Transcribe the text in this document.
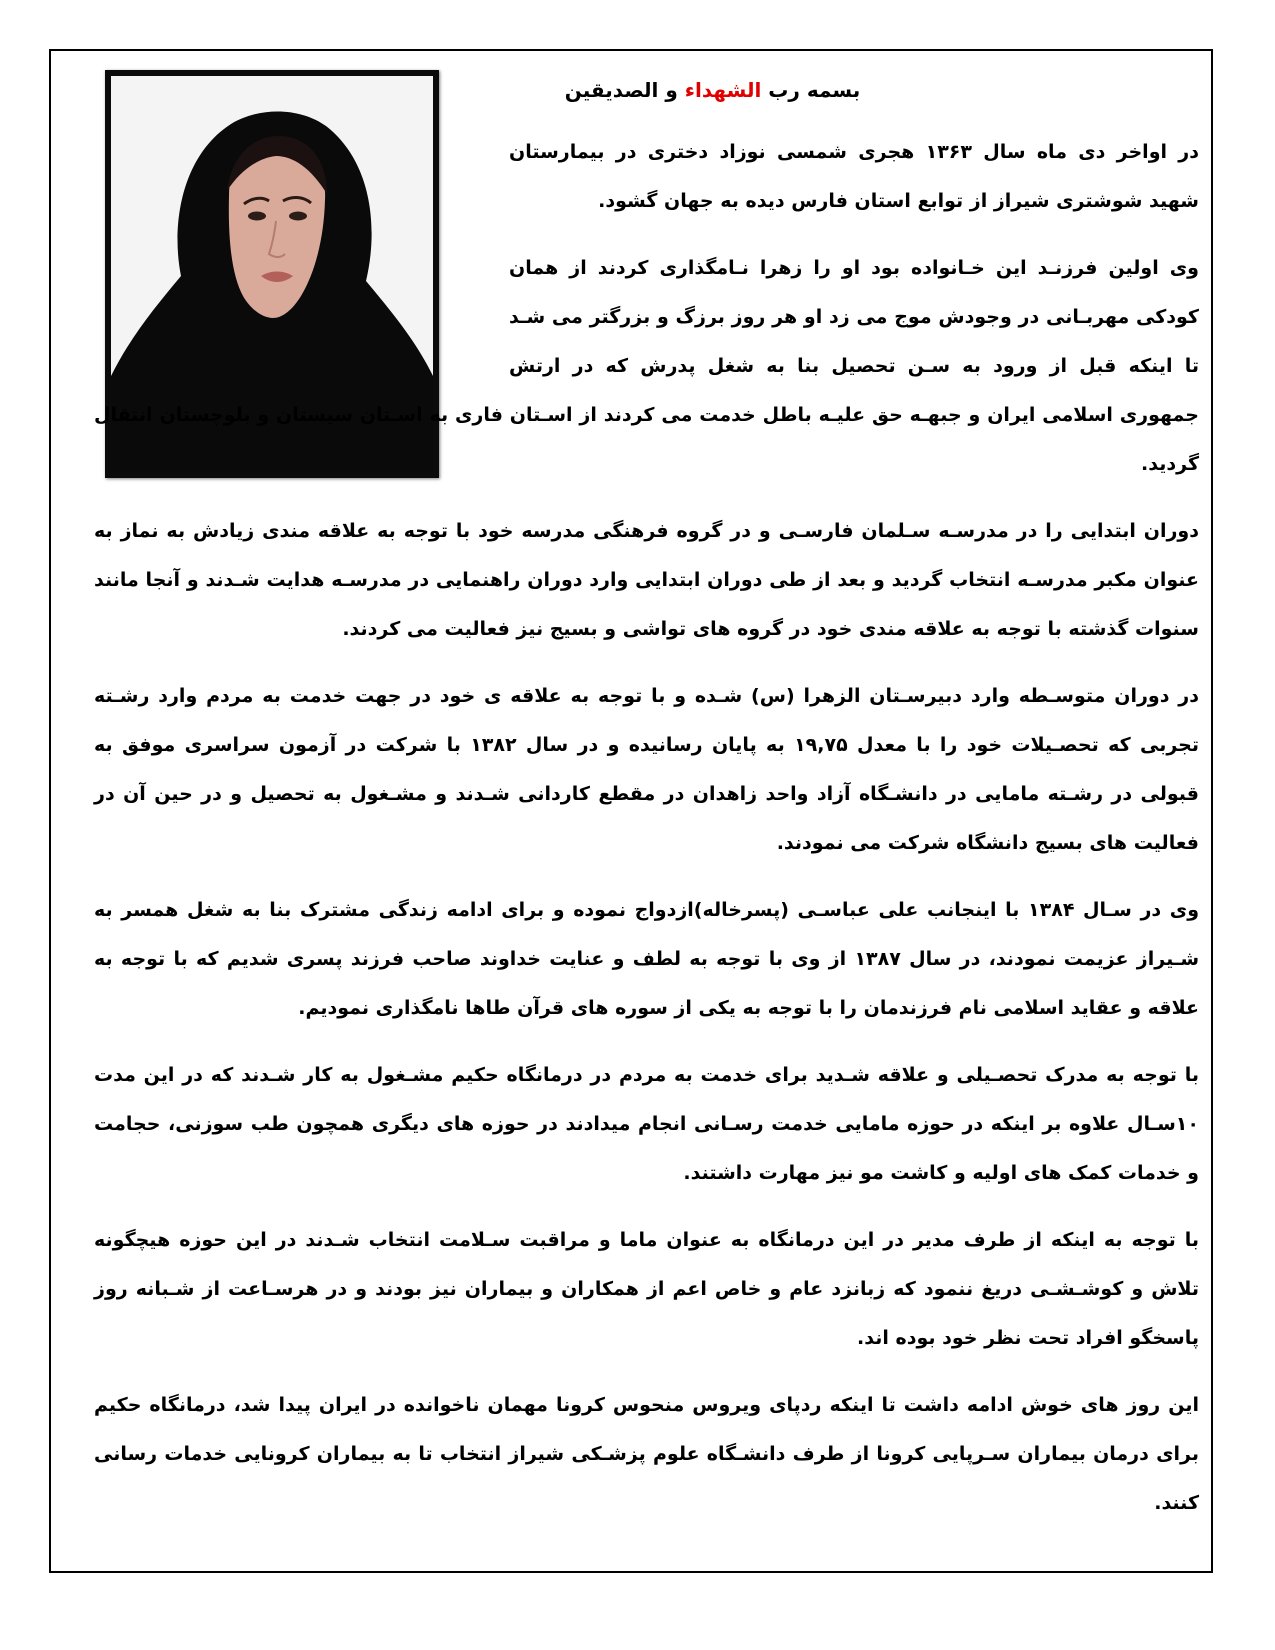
بسمه رب الشهداء و الصدیقین

در اواخر دی ماه سال ۱۳۶۳ هجری شمسی نوزاد دختری در بیمارستان شهید شوشتری شیراز از توابع استان فارس دیده به جهان گشود.

وی اولین فرزنـد این خـانواده بود او را زهرا نـامگذاری کردند از همان کودکی مهربـانی در وجودش موج می زد او هر روز برزگ و بزرگتر می شـد تا اینکه قبل از ورود به سـن تحصیل بنا به شغل پدرش که در ارتش جمهوری اسلامی ایران و جبهـه حق علیـه باطل خدمت می کردند از اسـتان فاری به اسـتان سیستان و بلوچستان انتقال گردید.

دوران ابتدایی را در مدرسـه سـلمان فارسـی و در گروه فرهنگی مدرسه خود با توجه به علاقه مندی زیادش به نماز به عنوان مکبر مدرسـه انتخاب گردید و بعد از طی دوران ابتدایی وارد دوران راهنمایی در مدرسـه هدایت شـدند و آنجا مانند سنوات گذشته با توجه به علاقه مندی خود در گروه های تواشی و بسیج نیز فعالیت می کردند.

در دوران متوسـطه وارد دبیرسـتان الزهرا (س) شـده و با توجه به علاقه ی خود در جهت خدمت به مردم وارد رشـته تجربی که تحصـیلات خود را با معدل ۱۹,۷۵ به پایان رسانیده و در سال ۱۳۸۲ با شرکت در آزمون سراسری موفق به قبولی در رشـته مامایی در دانشـگاه آزاد واحد زاهدان در مقطع کاردانی شـدند و مشـغول به تحصیل و در حین آن در فعالیت های بسیج دانشگاه شرکت می نمودند.

وی در سـال ۱۳۸۴ با اینجانب علی عباسـی (پسرخاله)ازدواج نموده و برای ادامه زندگی مشترک بنا به شغل همسر به شـیراز عزیمت نمودند، در سال ۱۳۸۷ از وی با توجه به لطف و عنایت خداوند صاحب فرزند پسری شدیم که با توجه به علاقه و عقاید اسلامی نام فرزندمان را با توجه به یکی از سوره های قرآن طاها نامگذاری نمودیم.

با توجه به مدرک تحصـیلی و علاقه شـدید برای خدمت به مردم در درمانگاه حکیم مشـغول به کار شـدند که در این مدت ۱۰سـال علاوه بر اینکه در حوزه مامایی خدمت رسـانی انجام میدادند در حوزه های دیگری همچون طب سوزنی، حجامت و خدمات کمک های اولیه و کاشت مو نیز مهارت داشتند.

با توجه به اینکه از طرف مدیر در این درمانگاه به عنوان ماما و مراقبت سـلامت انتخاب شـدند در این حوزه هیچگونه تلاش و کوشـشـی دریغ ننمود که زبانزد عام و خاص اعم از همکاران و بیماران نیز بودند و در هرسـاعت از شـبانه روز پاسخگو افراد تحت نظر خود بوده اند.

این روز های خوش ادامه داشت تا اینکه ردپای ویروس منحوس کرونا مهمان ناخوانده در ایران پیدا شد، درمانگاه حکیم برای درمان بیماران سـرپایی کرونا از طرف دانشـگاه علوم پزشـکی شیراز انتخاب تا به بیماران کرونایی خدمات رسانی کنند.
